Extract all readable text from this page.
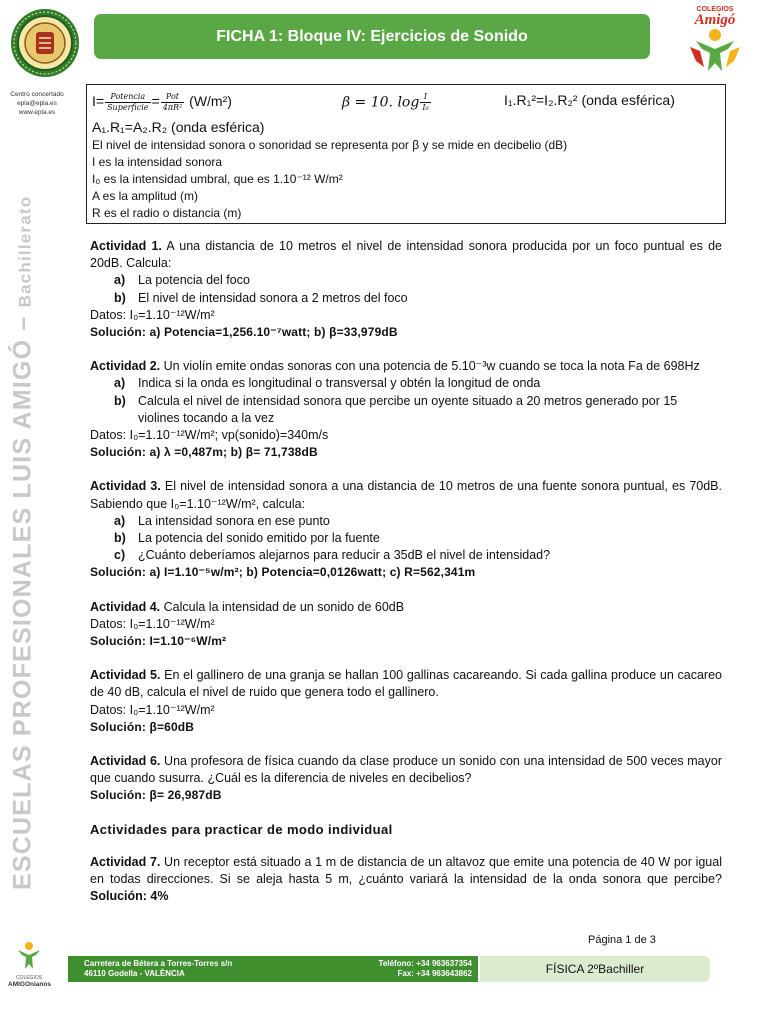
FICHA 1: Bloque IV: Ejercicios de Sonido
COLEGIOS
Amigó
Centro concertado
epla@epla.es
www.epla.es
ESCUELAS PROFESIONALES LUIS AMIGÓ – Bachillerato
$I= \frac{\text{Potencia}}{\text{Superficie}} = \frac{\text{Pot}}{\text{4πR²}} (W/m^2)$	β = 10. $\log \frac{I}{\text{I₀}}$	I₁.R₁²=I₂.R₂² (onda esférica)
A₁.R₁=A₂.R₂ (onda esférica)
El nivel de intensidad sonora o sonoridad se representa por β y se mide en decibelio (dB)
I es la intensidad sonora
I₀ es la intensidad umbral, que es 1.10⁻¹² W/m²
A es la amplitud (m)
R es el radio o distancia (m)

Actividad 1. A una distancia de 10 metros el nivel de intensidad sonora producida por un foco puntual es de 20dB. Calcula:

a)	La potencia del foco
b) El nivel de intensidad sonora a 2 metros del foco
Datos: I₀=1.10⁻¹²W/m²
Solución: a) Potencia=1,256.10⁻⁷watt; b) β=33,979dB

Actividad 2. Un violín emite ondas sonoras con una potencia de 5.10⁻³w cuando se toca la nota Fa de 698Hz

a)	Indica si la onda es longitudinal o transversal y obtén la longitud de onda
b) Calcula el nivel de intensidad sonora que percibe un oyente situado a 20 metros generado por 15 violines tocando a la vez
Datos: I₀=1.10⁻¹²W/m²; vp(sonido)=340m/s
Solución: a) λ =0,487m; b) β= 71,738dB

Actividad 3. El nivel de intensidad sonora a una distancia de 10 metros de una fuente sonora puntual, es 70dB. Sabiendo que I₀=1.10⁻¹²W/m², calcula:

a)	La intensidad sonora en ese punto
b) La potencia del sonido emitido por la fuente
c)	¿Cuánto deberíamos alejarnos para reducir a 35dB el nivel de intensidad?
Solución: a) I=1.10⁻⁵w/m²; b) Potencia=0,0126watt; c) R=562,341m

Actividad 4. Calcula la intensidad de un sonido de 60dB

Datos: I₀=1.10⁻¹²W/m²
Solución: I=1.10⁻⁶W/m²

Actividad 5. En el gallinero de una granja se hallan 100 gallinas cacareando. Si cada gallina produce un cacareo de 40 dB, calcula el nivel de ruido que genera todo el gallinero.

Datos: I₀=1.10⁻¹²W/m²
Solución: β=60dB

Actividad 6. Una profesora de física cuando da clase produce un sonido con una intensidad de 500 veces mayor que cuando susurra. ¿Cuál es la diferencia de niveles en decibelios?

Solución: β= 26,987dB
Actividades para practicar de modo individual

Actividad 7. Un receptor está situado a 1 m de distancia de un altavoz que emite una potencia de 40 W por igual en todas direcciones. Si se aleja hasta 5 m, ¿cuánto variará la intensidad de la onda sonora que percibe? Solución: 4%

Página 1 de 3
COLEGIOS
AMIGOnianos
Carretera de Bétera a Torres-Torres s/n
46110 Godella - VALÈNCIA
Teléfono: +34 963637354
Fax: +34 963643862	FÍSICA 2ºBachiller
